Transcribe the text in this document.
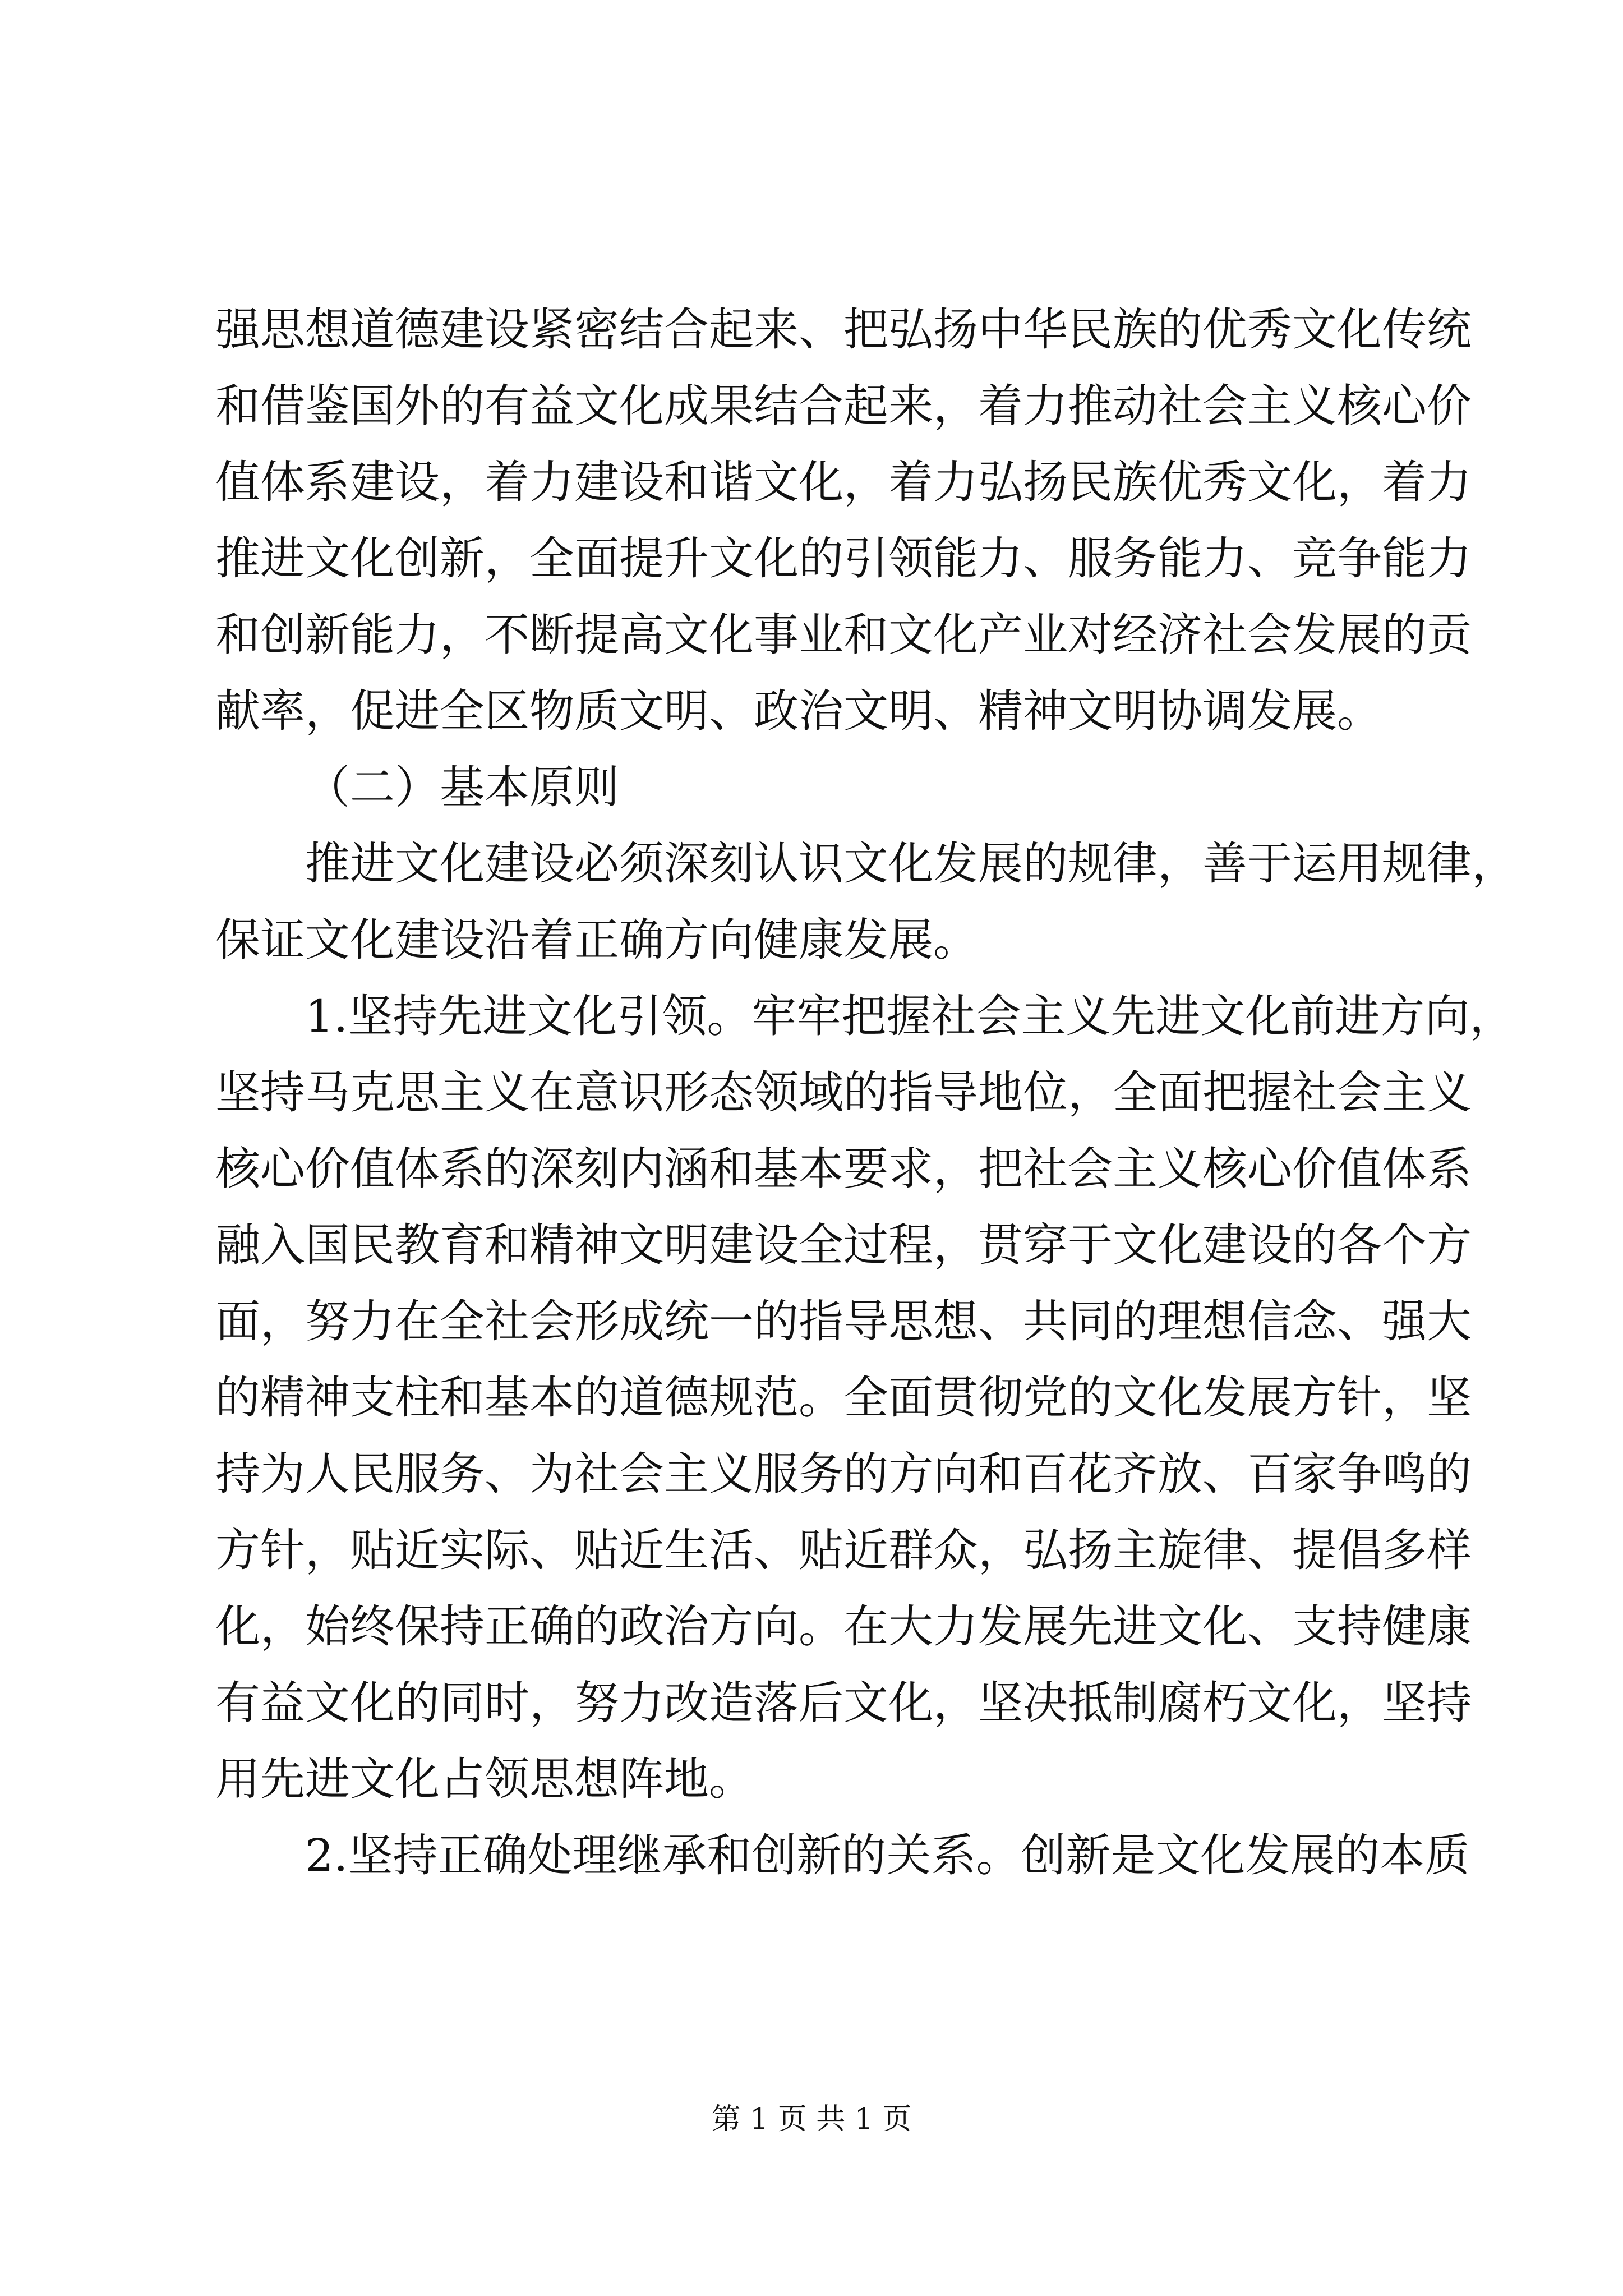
强思想道德建设紧密结合起来、把弘扬中华民族的优秀文化传统
和借鉴国外的有益文化成果结合起来，着力推动社会主义核心价
值体系建设，着力建设和谐文化，着力弘扬民族优秀文化，着力
推进文化创新，全面提升文化的引领能力、服务能力、竞争能力
和创新能力，不断提高文化事业和文化产业对经济社会发展的贡
献率，促进全区物质文明、政治文明、精神文明协调发展。
（二）基本原则
推进文化建设必须深刻认识文化发展的规律，善于运用规律，
保证文化建设沿着正确方向健康发展。
1.坚持先进文化引领。牢牢把握社会主义先进文化前进方向，
坚持马克思主义在意识形态领域的指导地位，全面把握社会主义
核心价值体系的深刻内涵和基本要求，把社会主义核心价值体系
融入国民教育和精神文明建设全过程，贯穿于文化建设的各个方
面，努力在全社会形成统一的指导思想、共同的理想信念、强大
的精神支柱和基本的道德规范。全面贯彻党的文化发展方针，坚
持为人民服务、为社会主义服务的方向和百花齐放、百家争鸣的
方针，贴近实际、贴近生活、贴近群众，弘扬主旋律、提倡多样
化，始终保持正确的政治方向。在大力发展先进文化、支持健康
有益文化的同时，努力改造落后文化，坚决抵制腐朽文化，坚持
用先进文化占领思想阵地。
2.坚持正确处理继承和创新的关系。创新是文化发展的本质
第 1 页 共 1 页
